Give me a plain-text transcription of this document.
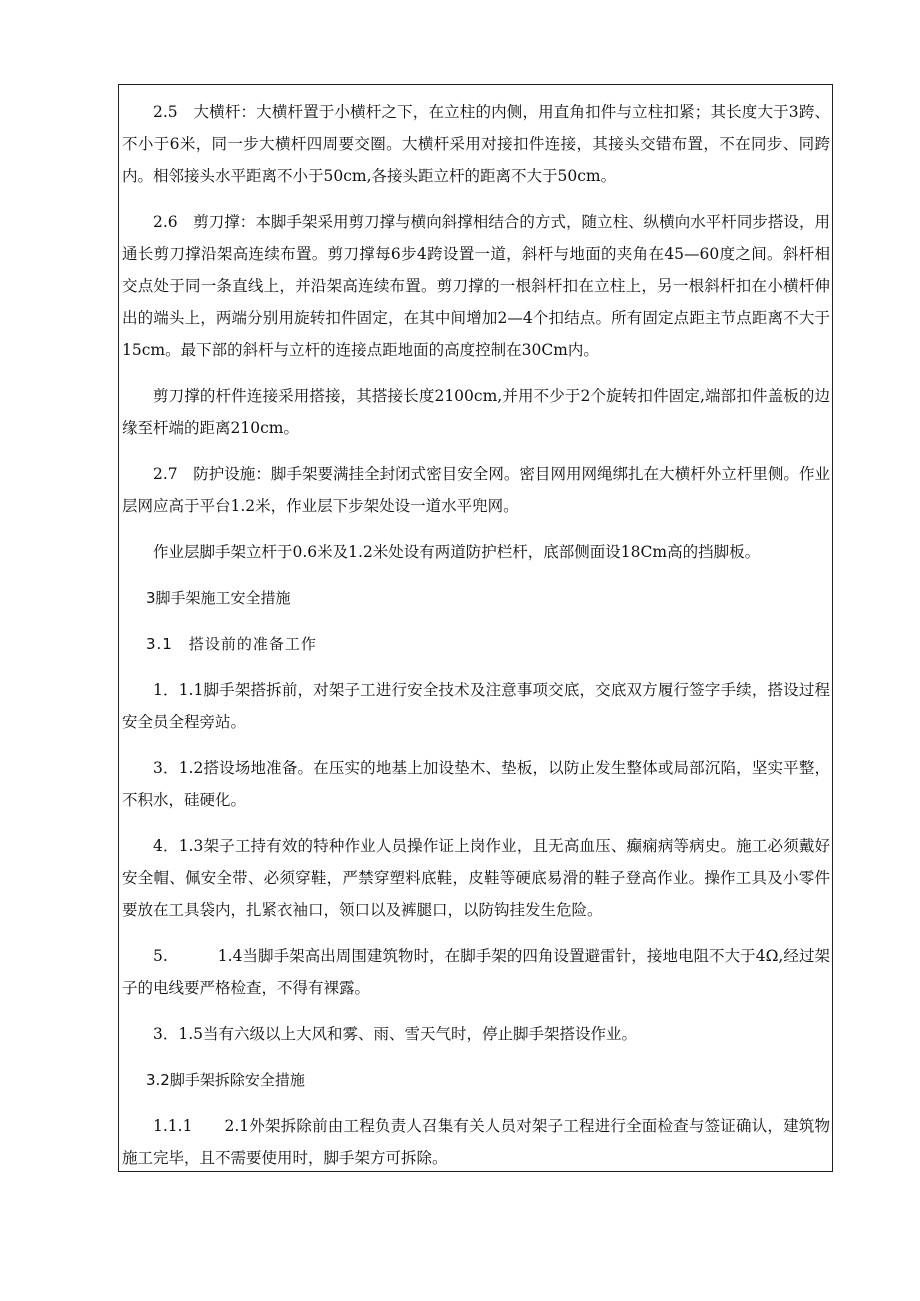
2.5　大横杆：大横杆置于小横杆之下，在立柱的内侧，用直角扣件与立柱扣紧；其长度大于3跨、不小于6米，同一步大横杆四周要交圈。大横杆采用对接扣件连接，其接头交错布置，不在同步、同跨内。相邻接头水平距离不小于50cm,各接头距立杆的距离不大于50cm。

2.6　剪刀撑：本脚手架采用剪刀撑与横向斜撑相结合的方式，随立柱、纵横向水平杆同步搭设，用通长剪刀撑沿架高连续布置。剪刀撑每6步4跨设置一道，斜杆与地面的夹角在45—60度之间。斜杆相交点处于同一条直线上，并沿架高连续布置。剪刀撑的一根斜杆扣在立柱上，另一根斜杆扣在小横杆伸出的端头上，两端分别用旋转扣件固定，在其中间增加2—4个扣结点。所有固定点距主节点距离不大于15cm。最下部的斜杆与立杆的连接点距地面的高度控制在30Cm内。

剪刀撑的杆件连接采用搭接，其搭接长度2100cm,并用不少于2个旋转扣件固定,端部扣件盖板的边缘至杆端的距离210cm。

2.7　防护设施：脚手架要满挂全封闭式密目安全网。密目网用网绳绑扎在大横杆外立杆里侧。作业层网应高于平台1.2米，作业层下步架处设一道水平兜网。

作业层脚手架立杆于0.6米及1.2米处设有两道防护栏杆，底部侧面设18Cm高的挡脚板。

3脚手架施工安全措施

3.1　搭设前的准备工作

1．1.1脚手架搭拆前，对架子工进行安全技术及注意事项交底，交底双方履行签字手续，搭设过程安全员全程旁站。

3．1.2搭设场地准备。在压实的地基上加设垫木、垫板，以防止发生整体或局部沉陷，坚实平整，不积水，硅硬化。

4．1.3架子工持有效的特种作业人员操作证上岗作业，且无高血压、癫痫病等病史。施工必须戴好安全帽、佩安全带、必须穿鞋，严禁穿塑料底鞋，皮鞋等硬底易滑的鞋子登高作业。操作工具及小零件要放在工具袋内，扎紧衣袖口，领口以及裤腿口，以防钩挂发生危险。

5.	1.4当脚手架高出周围建筑物时，在脚手架的四角设置避雷针，接地电阻不大于4Ω,经过架子的电线要严格检查，不得有裸露。

3．1.5当有六级以上大风和雾、雨、雪天气时，停止脚手架搭设作业。

3.2脚手架拆除安全措施

1.1.1 2.1外架拆除前由工程负责人召集有关人员对架子工程进行全面检查与签证确认，建筑物施工完毕，且不需要使用时，脚手架方可拆除。
